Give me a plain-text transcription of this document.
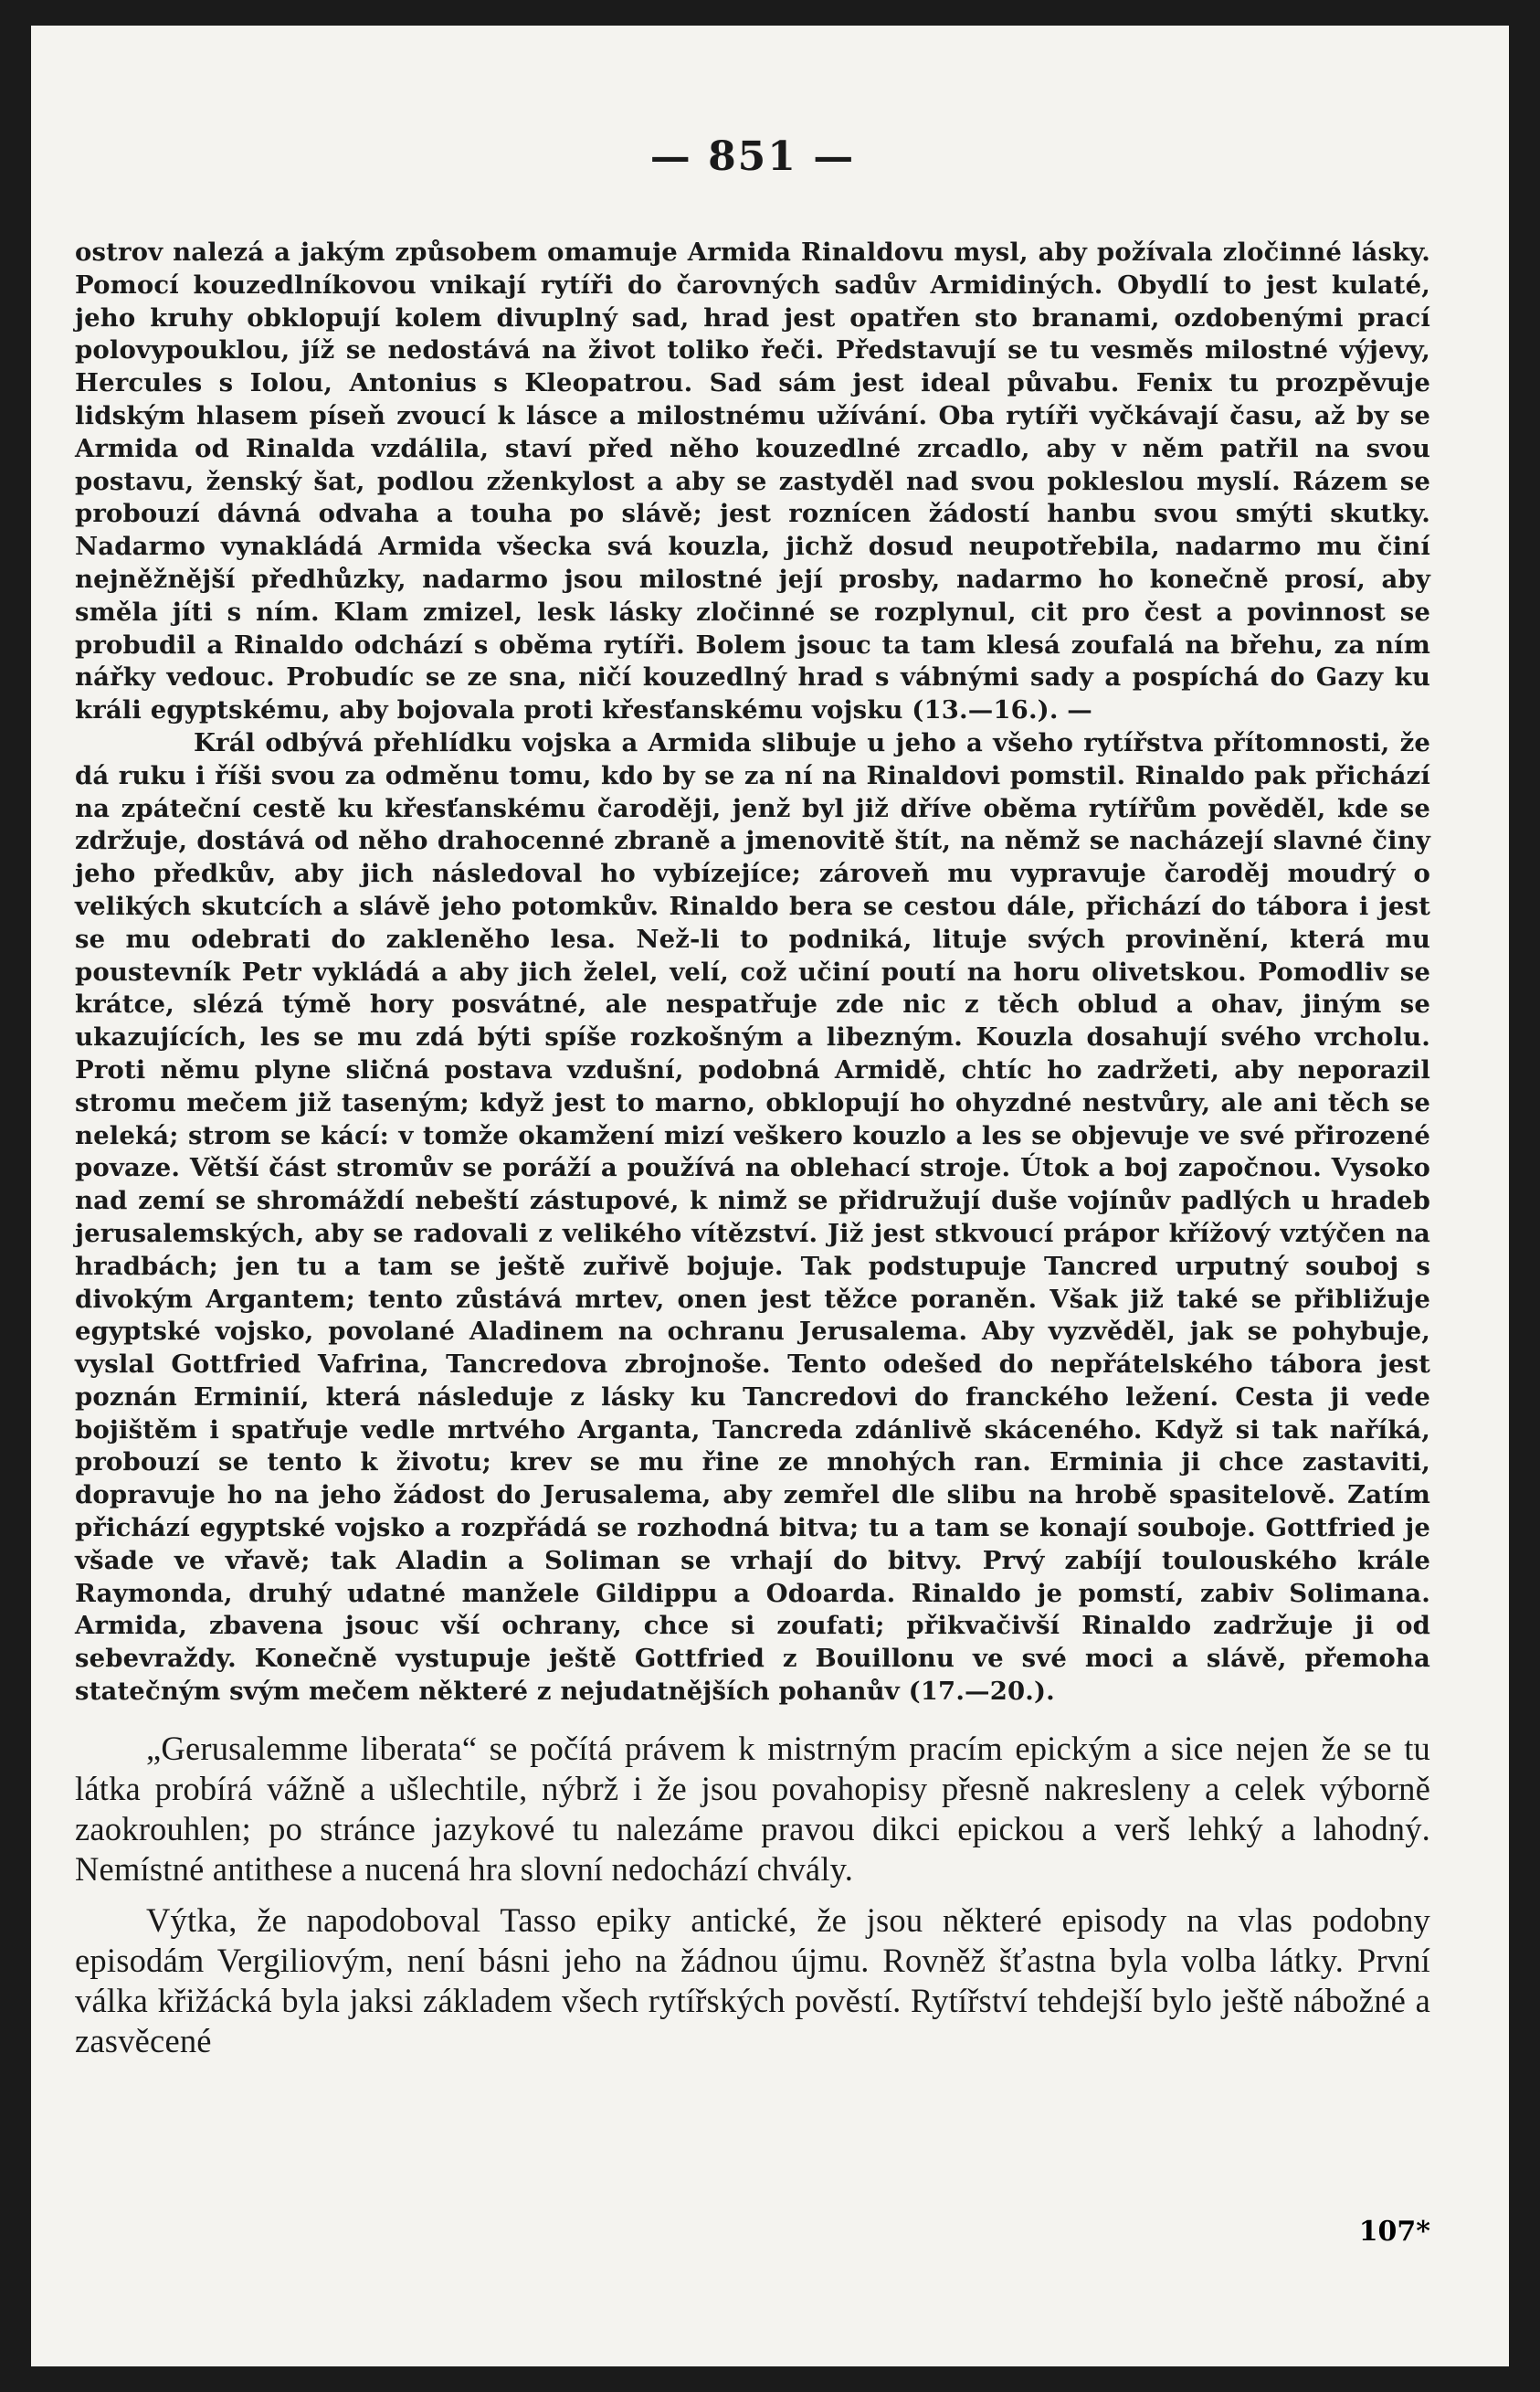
— 851 —

ostrov nalezá a jakým způsobem omamuje Armida Rinaldovu mysl, aby požívala zločinné lásky. Pomocí kouzedlníkovou vnikají rytíři do čarovných sadův Armidiných. Obydlí to jest kulaté, jeho kruhy obklopují kolem divuplný sad, hrad jest opatřen sto branami, ozdobenými prací polovypouklou, jíž se nedostává na život toliko řeči. Představují se tu vesměs milostné výjevy, Hercules s Iolou, Antonius s Kleopatrou. Sad sám jest ideal půvabu. Fenix tu prozpěvuje lidským hlasem píseň zvoucí k lásce a milostnému užívání. Oba rytíři vyčkávají času, až by se Armida od Rinalda vzdálila, staví před něho kouzedlné zrcadlo, aby v něm patřil na svou postavu, ženský šat, podlou zženkylost a aby se zastyděl nad svou pokleslou myslí. Rázem se probouzí dávná odvaha a touha po slávě; jest roznícen žádostí hanbu svou smýti skutky. Nadarmo vynakládá Armida všecka svá kouzla, jichž dosud neupotřebila, nadarmo mu činí nejněžnější předhůzky, nadarmo jsou milostné její prosby, nadarmo ho konečně prosí, aby směla jíti s ním. Klam zmizel, lesk lásky zločinné se rozplynul, cit pro čest a povinnost se probudil a Rinaldo odchází s oběma rytíři. Bolem jsouc ta tam klesá zoufalá na břehu, za ním nářky vedouc. Probudíc se ze sna, ničí kouzedlný hrad s vábnými sady a pospíchá do Gazy ku králi egyptskému, aby bojovala proti křesťanskému vojsku (13.—16.). —

Král odbývá přehlídku vojska a Armida slibuje u jeho a všeho rytířstva přítomnosti, že dá ruku i říši svou za odměnu tomu, kdo by se za ní na Rinaldovi pomstil. Rinaldo pak přichází na zpáteční cestě ku křesťanskému čaroději, jenž byl již dříve oběma rytířům pověděl, kde se zdržuje, dostává od něho drahocenné zbraně a jmenovitě štít, na němž se nacházejí slavné činy jeho předkův, aby jich následoval ho vybízejíce; zároveň mu vypravuje čaroděj moudrý o velikých skutcích a slávě jeho potomkův. Rinaldo bera se cestou dále, přichází do tábora i jest se mu odebrati do zakleněho lesa. Než-li to podniká, lituje svých provinění, která mu poustevník Petr vykládá a aby jich želel, velí, což učiní poutí na horu olivetskou. Pomodliv se krátce, slézá týmě hory posvátné, ale nespatřuje zde nic z těch oblud a ohav, jiným se ukazujících, les se mu zdá býti spíše rozkošným a libezným. Kouzla dosahují svého vrcholu. Proti němu plyne sličná postava vzdušní, podobná Armidě, chtíc ho zadržeti, aby neporazil stromu mečem již taseným; když jest to marno, obklopují ho ohyzdné nestvůry, ale ani těch se neleká; strom se kácí: v tomže okamžení mizí veškero kouzlo a les se objevuje ve své přirozené povaze. Větší část stromův se poráží a používá na oblehací stroje. Útok a boj započnou. Vysoko nad zemí se shromáždí nebeští zástupové, k nimž se přidružují duše vojínův padlých u hradeb jerusalemských, aby se radovali z velikého vítězství. Již jest stkvoucí prápor křížový vztýčen na hradbách; jen tu a tam se ještě zuřivě bojuje. Tak podstupuje Tancred urputný souboj s divokým Argantem; tento zůstává mrtev, onen jest těžce poraněn. Však již také se přibližuje egyptské vojsko, povolané Aladinem na ochranu Jerusalema. Aby vyzvěděl, jak se pohybuje, vyslal Gottfried Vafrina, Tancredova zbrojnoše. Tento odešed do nepřátelského tábora jest poznán Erminií, která následuje z lásky ku Tancredovi do franckého ležení. Cesta ji vede bojištěm i spatřuje vedle mrtvého Arganta, Tancreda zdánlivě skáceného. Když si tak naříká, probouzí se tento k životu; krev se mu řine ze mnohých ran. Erminia ji chce zastaviti, dopravuje ho na jeho žádost do Jerusalema, aby zemřel dle slibu na hrobě spasitelově. Zatím přichází egyptské vojsko a rozpřádá se rozhodná bitva; tu a tam se konají souboje. Gottfried je všade ve vřavě; tak Aladin a Soliman se vrhají do bitvy. Prvý zabíjí toulouského krále Raymonda, druhý udatné manžele Gildippu a Odoarda. Rinaldo je pomstí, zabiv Solimana. Armida, zbavena jsouc vší ochrany, chce si zoufati; přikvačivší Rinaldo zadržuje ji od sebevraždy. Konečně vystupuje ještě Gottfried z Bouillonu ve své moci a slávě, přemoha statečným svým mečem některé z nejudatnějších pohanův (17.—20.).

„Gerusalemme liberata“ se počítá právem k mistrným pracím epickým a sice nejen že se tu látka probírá vážně a ušlechtile, nýbrž i že jsou povahopisy přesně nakresleny a celek výborně zaokrouhlen; po stránce jazykové tu nalezáme pravou dikci epickou a verš lehký a lahodný. Nemístné antithese a nucená hra slovní nedochází chvály.

Výtka, že napodoboval Tasso epiky antické, že jsou některé episody na vlas podobny episodám Vergiliovým, není básni jeho na žádnou újmu. Rovněž šťastna byla volba látky. První válka křižácká byla jaksi základem všech rytířských pověstí. Rytířství tehdejší bylo ještě nábožné a zasvěcené

107*
